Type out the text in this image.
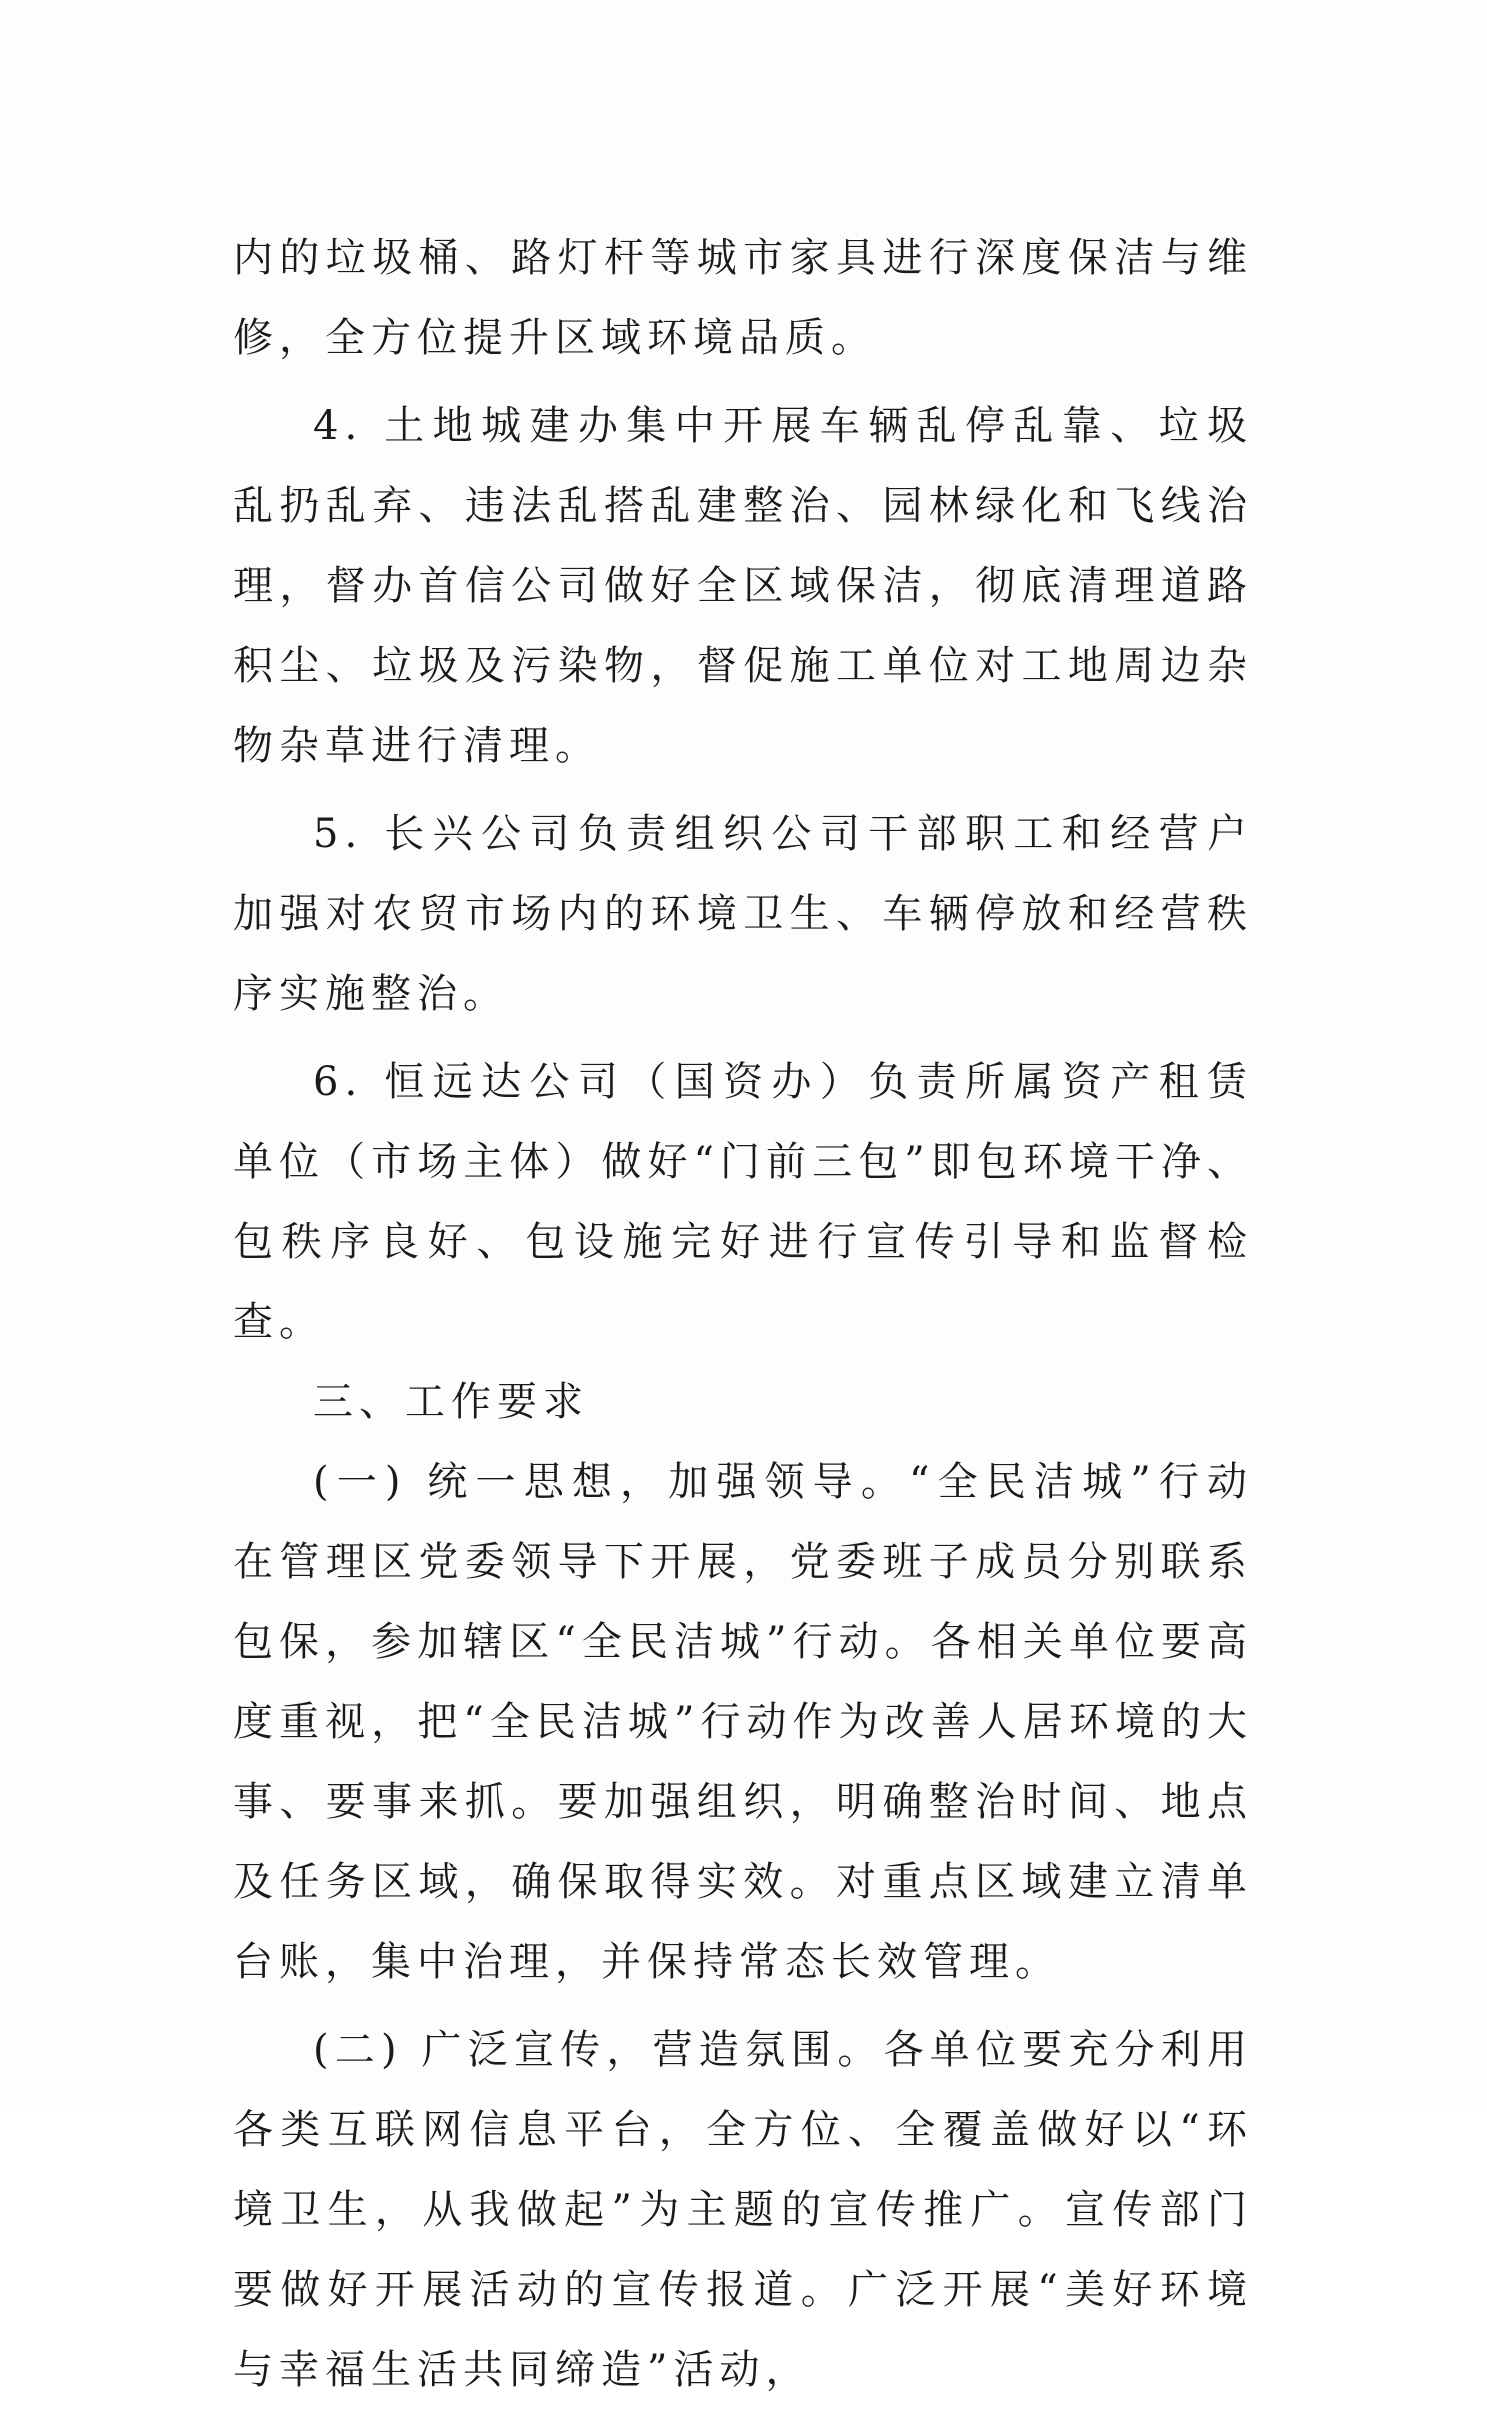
内的垃圾桶、路灯杆等城市家具进行深度保洁与维修，全方位提升区域环境品质。

4. 土地城建办集中开展车辆乱停乱靠、垃圾乱扔乱弃、违法乱搭乱建整治、园林绿化和飞线治理，督办首信公司做好全区域保洁，彻底清理道路积尘、垃圾及污染物，督促施工单位对工地周边杂物杂草进行清理。

5. 长兴公司负责组织公司干部职工和经营户加强对农贸市场内的环境卫生、车辆停放和经营秩序实施整治。

6. 恒远达公司（国资办）负责所属资产租赁单位（市场主体）做好“门前三包”即包环境干净、包秩序良好、包设施完好进行宣传引导和监督检查。

三、工作要求

(一) 统一思想，加强领导。“全民洁城”行动在管理区党委领导下开展，党委班子成员分别联系包保，参加辖区“全民洁城”行动。各相关单位要高度重视，把“全民洁城”行动作为改善人居环境的大事、要事来抓。要加强组织，明确整治时间、地点及任务区域，确保取得实效。对重点区域建立清单台账，集中治理，并保持常态长效管理。

(二) 广泛宣传，营造氛围。各单位要充分利用各类互联网信息平台，全方位、全覆盖做好以“环境卫生，从我做起”为主题的宣传推广。宣传部门要做好开展活动的宣传报道。广泛开展“美好环境与幸福生活共同缔造”活动，
